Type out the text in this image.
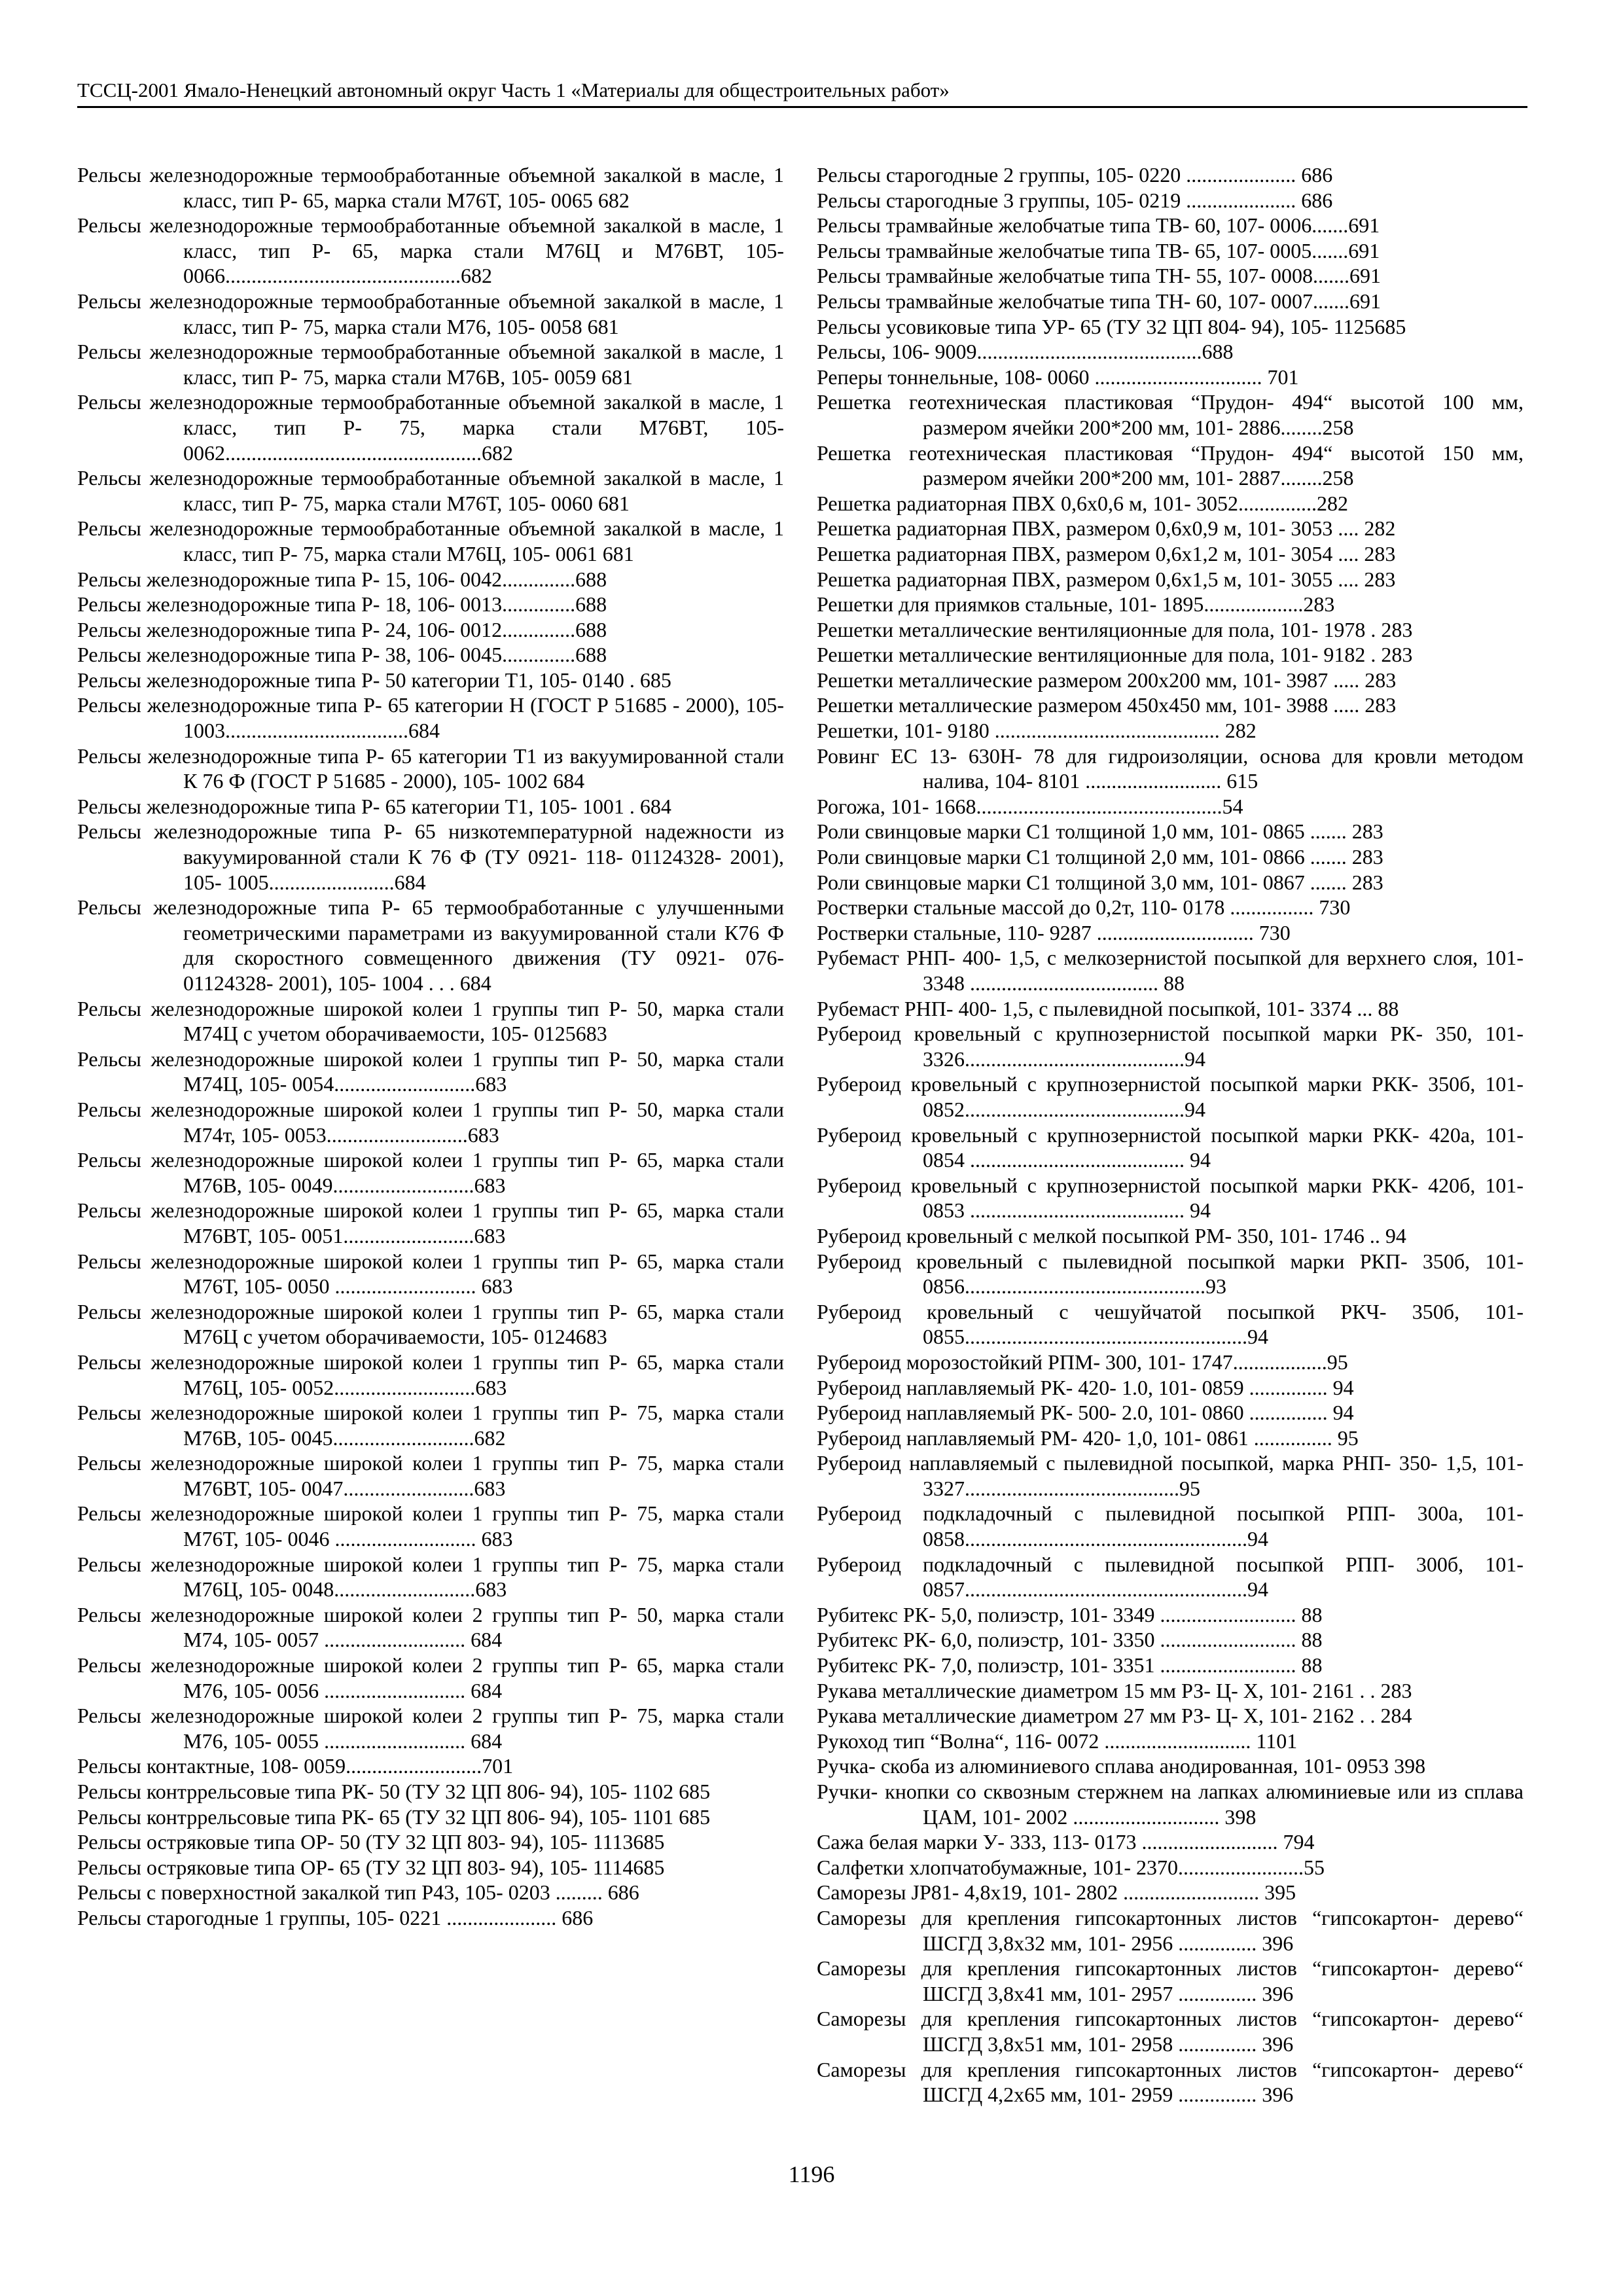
ТССЦ-2001 Ямало-Ненецкий автономный округ Часть 1 «Материалы для общестроительных работ»
Рельсы железнодорожные термообработанные объемной закалкой в масле, 1 класс, тип Р- 65, марка стали М76Т, 105- 0065 682
Рельсы железнодорожные термообработанные объемной закалкой в масле, 1 класс, тип Р- 65, марка стали М76Ц и М76ВТ, 105- 0066.............................................682
Рельсы железнодорожные термообработанные объемной закалкой в масле, 1 класс, тип Р- 75, марка стали М76, 105- 0058 681
Рельсы железнодорожные термообработанные объемной закалкой в масле, 1 класс, тип Р- 75, марка стали М76В, 105- 0059 681
Рельсы железнодорожные термообработанные объемной закалкой в масле, 1 класс, тип Р- 75, марка стали М76ВТ, 105- 0062.................................................682
Рельсы железнодорожные термообработанные объемной закалкой в масле, 1 класс, тип Р- 75, марка стали М76Т, 105- 0060 681
Рельсы железнодорожные термообработанные объемной закалкой в масле, 1 класс, тип Р- 75, марка стали М76Ц, 105- 0061 681
Рельсы железнодорожные типа Р- 15, 106- 0042..............688
Рельсы железнодорожные типа Р- 18, 106- 0013..............688
Рельсы железнодорожные типа Р- 24, 106- 0012..............688
Рельсы железнодорожные типа Р- 38, 106- 0045..............688
Рельсы железнодорожные типа Р- 50 категории Т1, 105- 0140 . 685
Рельсы железнодорожные типа Р- 65 категории Н (ГОСТ Р 51685 - 2000), 105- 1003...................................684
Рельсы железнодорожные типа Р- 65 категории Т1 из вакуумированной стали К 76 Ф (ГОСТ Р 51685 - 2000), 105- 1002 684
Рельсы железнодорожные типа Р- 65 категории Т1, 105- 1001 . 684
Рельсы железнодорожные типа Р- 65 низкотемпературной надежности из вакуумированной стали К 76 Ф (ТУ 0921- 118- 01124328- 2001), 105- 1005........................684
Рельсы железнодорожные типа Р- 65 термообработанные с улучшенными геометрическими параметрами из вакуумированной стали К76 Ф для скоростного совмещенного движения (ТУ 0921- 076- 01124328- 2001), 105- 1004 . . . 684
Рельсы железнодорожные широкой колеи 1 группы тип Р- 50, марка стали М74Ц с учетом оборачиваемости, 105- 0125683
Рельсы железнодорожные широкой колеи 1 группы тип Р- 50, марка стали М74Ц, 105- 0054...........................683
Рельсы железнодорожные широкой колеи 1 группы тип Р- 50, марка стали М74т, 105- 0053...........................683
Рельсы железнодорожные широкой колеи 1 группы тип Р- 65, марка стали М76В, 105- 0049...........................683
Рельсы железнодорожные широкой колеи 1 группы тип Р- 65, марка стали М76ВТ, 105- 0051.........................683
Рельсы железнодорожные широкой колеи 1 группы тип Р- 65, марка стали М76Т, 105- 0050 ........................... 683
Рельсы железнодорожные широкой колеи 1 группы тип Р- 65, марка стали М76Ц с учетом оборачиваемости, 105- 0124683
Рельсы железнодорожные широкой колеи 1 группы тип Р- 65, марка стали М76Ц, 105- 0052...........................683
Рельсы железнодорожные широкой колеи 1 группы тип Р- 75, марка стали М76В, 105- 0045...........................682
Рельсы железнодорожные широкой колеи 1 группы тип Р- 75, марка стали М76ВТ, 105- 0047.........................683
Рельсы железнодорожные широкой колеи 1 группы тип Р- 75, марка стали М76Т, 105- 0046 ........................... 683
Рельсы железнодорожные широкой колеи 1 группы тип Р- 75, марка стали М76Ц, 105- 0048...........................683
Рельсы железнодорожные широкой колеи 2 группы тип Р- 50, марка стали М74, 105- 0057 ........................... 684
Рельсы железнодорожные широкой колеи 2 группы тип Р- 65, марка стали М76, 105- 0056 ........................... 684
Рельсы железнодорожные широкой колеи 2 группы тип Р- 75, марка стали М76, 105- 0055 ........................... 684
Рельсы контактные, 108- 0059..........................701
Рельсы контррельсовые типа РК- 50 (ТУ 32 ЦП 806- 94), 105- 1102 685
Рельсы контррельсовые типа РК- 65 (ТУ 32 ЦП 806- 94), 105- 1101 685
Рельсы остряковые типа ОР- 50 (ТУ 32 ЦП 803- 94), 105- 1113685
Рельсы остряковые типа ОР- 65 (ТУ 32 ЦП 803- 94), 105- 1114685
Рельсы с поверхностной закалкой тип Р43, 105- 0203 ......... 686
Рельсы старогодные 1 группы, 105- 0221 ..................... 686
Рельсы старогодные 2 группы, 105- 0220 ..................... 686
Рельсы старогодные 3 группы, 105- 0219 ..................... 686
Рельсы трамвайные желобчатые типа ТВ- 60, 107- 0006.......691
Рельсы трамвайные желобчатые типа ТВ- 65, 107- 0005.......691
Рельсы трамвайные желобчатые типа ТН- 55, 107- 0008.......691
Рельсы трамвайные желобчатые типа ТН- 60, 107- 0007.......691
Рельсы усовиковые типа УР- 65 (ТУ 32 ЦП 804- 94), 105- 1125685
Рельсы, 106- 9009...........................................688
Реперы тоннельные, 108- 0060 ................................ 701
Решетка геотехническая пластиковая “Прудон- 494“ высотой 100 мм, размером ячейки 200*200 мм, 101- 2886........258
Решетка геотехническая пластиковая “Прудон- 494“ высотой 150 мм, размером ячейки 200*200 мм, 101- 2887........258
Решетка радиаторная ПВХ 0,6х0,6 м, 101- 3052...............282
Решетка радиаторная ПВХ, размером 0,6х0,9 м, 101- 3053 .... 282
Решетка радиаторная ПВХ, размером 0,6х1,2 м, 101- 3054 .... 283
Решетка радиаторная ПВХ, размером 0,6х1,5 м, 101- 3055 .... 283
Решетки для приямков стальные, 101- 1895...................283
Решетки металлические вентиляционные для пола, 101- 1978 . 283
Решетки металлические вентиляционные для пола, 101- 9182 . 283
Решетки металлические размером 200х200 мм, 101- 3987 ..... 283
Решетки металлические размером 450х450 мм, 101- 3988 ..... 283
Решетки, 101- 9180 ........................................... 282
Ровинг ЕС 13- 630Н- 78 для гидроизоляции, основа для кровли методом налива, 104- 8101 .......................... 615
Рогожа, 101- 1668...............................................54
Роли свинцовые марки С1 толщиной 1,0 мм, 101- 0865 ....... 283
Роли свинцовые марки С1 толщиной 2,0 мм, 101- 0866 ....... 283
Роли свинцовые марки С1 толщиной 3,0 мм, 101- 0867 ....... 283
Ростверки стальные массой до 0,2т, 110- 0178 ................ 730
Ростверки стальные, 110- 9287 .............................. 730
Рубемаст РНП- 400- 1,5, с мелкозернистой посыпкой для верхнего слоя, 101- 3348 .................................... 88
Рубемаст РНП- 400- 1,5, с пылевидной посыпкой, 101- 3374 ... 88
Рубероид кровельный с крупнозернистой посыпкой марки РК- 350, 101- 3326..........................................94
Рубероид кровельный с крупнозернистой посыпкой марки РКК- 350б, 101- 0852..........................................94
Рубероид кровельный с крупнозернистой посыпкой марки РКК- 420а, 101- 0854 ......................................... 94
Рубероид кровельный с крупнозернистой посыпкой марки РКК- 420б, 101- 0853 ......................................... 94
Рубероид кровельный с мелкой посыпкой РМ- 350, 101- 1746 .. 94
Рубероид кровельный с пылевидной посыпкой марки РКП- 350б, 101- 0856..............................................93
Рубероид кровельный с чешуйчатой посыпкой РКЧ- 350б, 101- 0855......................................................94
Рубероид морозостойкий РПМ- 300, 101- 1747..................95
Рубероид наплавляемый РК- 420- 1.0, 101- 0859 ............... 94
Рубероид наплавляемый РК- 500- 2.0, 101- 0860 ............... 94
Рубероид наплавляемый РМ- 420- 1,0, 101- 0861 ............... 95
Рубероид наплавляемый с пылевидной посыпкой, марка РНП- 350- 1,5, 101- 3327.........................................95
Рубероид подкладочный с пылевидной посыпкой РПП- 300а, 101- 0858......................................................94
Рубероид подкладочный с пылевидной посыпкой РПП- 300б, 101- 0857......................................................94
Рубитекс РК- 5,0, полиэстр, 101- 3349 .......................... 88
Рубитекс РК- 6,0, полиэстр, 101- 3350 .......................... 88
Рубитекс РК- 7,0, полиэстр, 101- 3351 .......................... 88
Рукава металлические диаметром 15 мм РЗ- Ц- Х, 101- 2161 . . 283
Рукава металлические диаметром 27 мм РЗ- Ц- Х, 101- 2162 . . 284
Рукоход тип “Волна“, 116- 0072 ............................ 1101
Ручка- скоба из алюминиевого сплава анодированная, 101- 0953 398
Ручки- кнопки со сквозным стержнем на лапках алюминиевые или из сплава ЦАМ, 101- 2002 ............................ 398
Сажа белая марки У- 333, 113- 0173 .......................... 794
Салфетки хлопчатобумажные, 101- 2370........................55
Саморезы JP81- 4,8х19, 101- 2802 .......................... 395
Саморезы для крепления гипсокартонных листов “гипсокартон- дерево“ ШСГД 3,8х32 мм, 101- 2956 ............... 396
Саморезы для крепления гипсокартонных листов “гипсокартон- дерево“ ШСГД 3,8х41 мм, 101- 2957 ............... 396
Саморезы для крепления гипсокартонных листов “гипсокартон- дерево“ ШСГД 3,8х51 мм, 101- 2958 ............... 396
Саморезы для крепления гипсокартонных листов “гипсокартон- дерево“ ШСГД 4,2х65 мм, 101- 2959 ............... 396
1196
